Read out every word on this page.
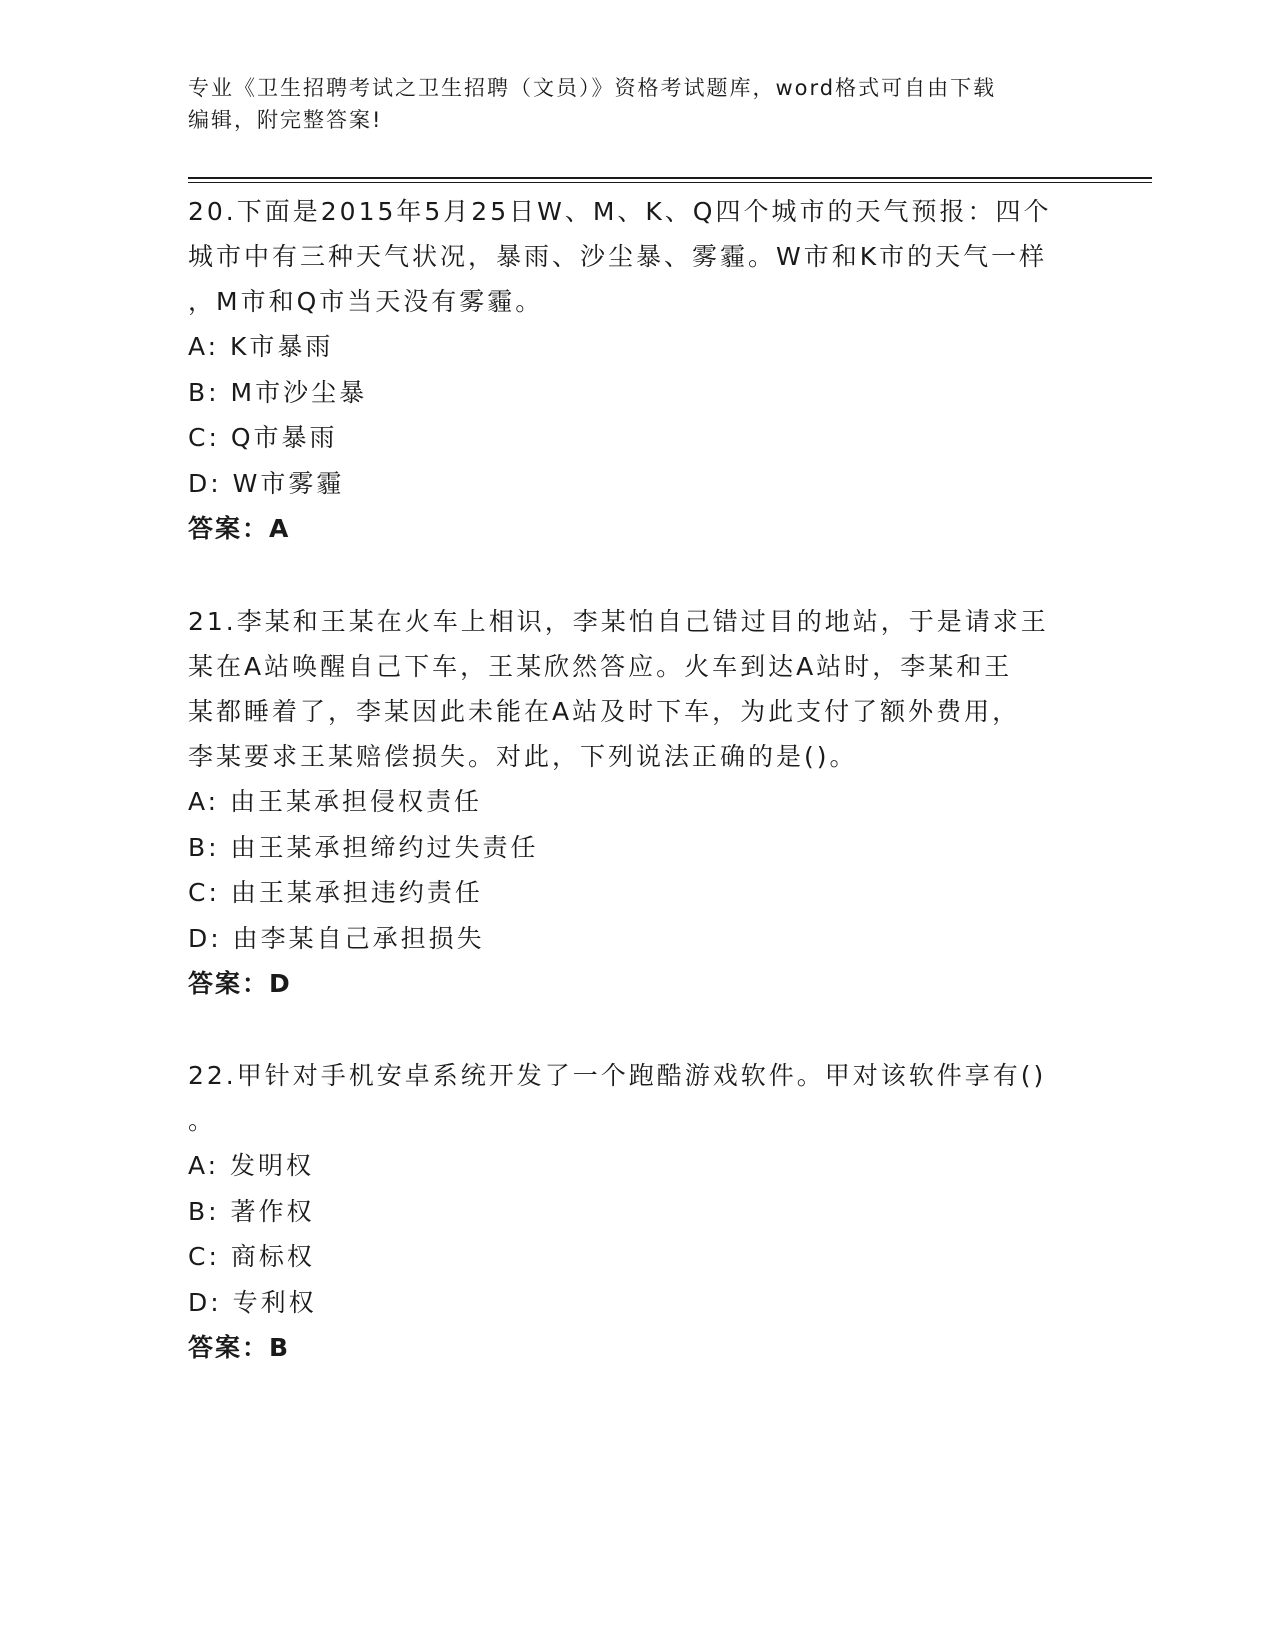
专业《卫生招聘考试之卫生招聘（文员）》资格考试题库，word格式可自由下载
编辑，附完整答案!

20.下面是2015年5月25日W、M、K、Q四个城市的天气预报：四个

城市中有三种天气状况，暴雨、沙尘暴、雾霾。W市和K市的天气一样

，M市和Q市当天没有雾霾。

A: K市暴雨

B: M市沙尘暴

C: Q市暴雨

D: W市雾霾

答案：A

21.李某和王某在火车上相识，李某怕自己错过目的地站，于是请求王

某在A站唤醒自己下车，王某欣然答应。火车到达A站时，李某和王

某都睡着了，李某因此未能在A站及时下车，为此支付了额外费用，

李某要求王某赔偿损失。对此，下列说法正确的是()。

A: 由王某承担侵权责任

B: 由王某承担缔约过失责任

C: 由王某承担违约责任

D: 由李某自己承担损失

答案：D

22.甲针对手机安卓系统开发了一个跑酷游戏软件。甲对该软件享有()

。

A: 发明权

B: 著作权

C: 商标权

D: 专利权

答案：B
